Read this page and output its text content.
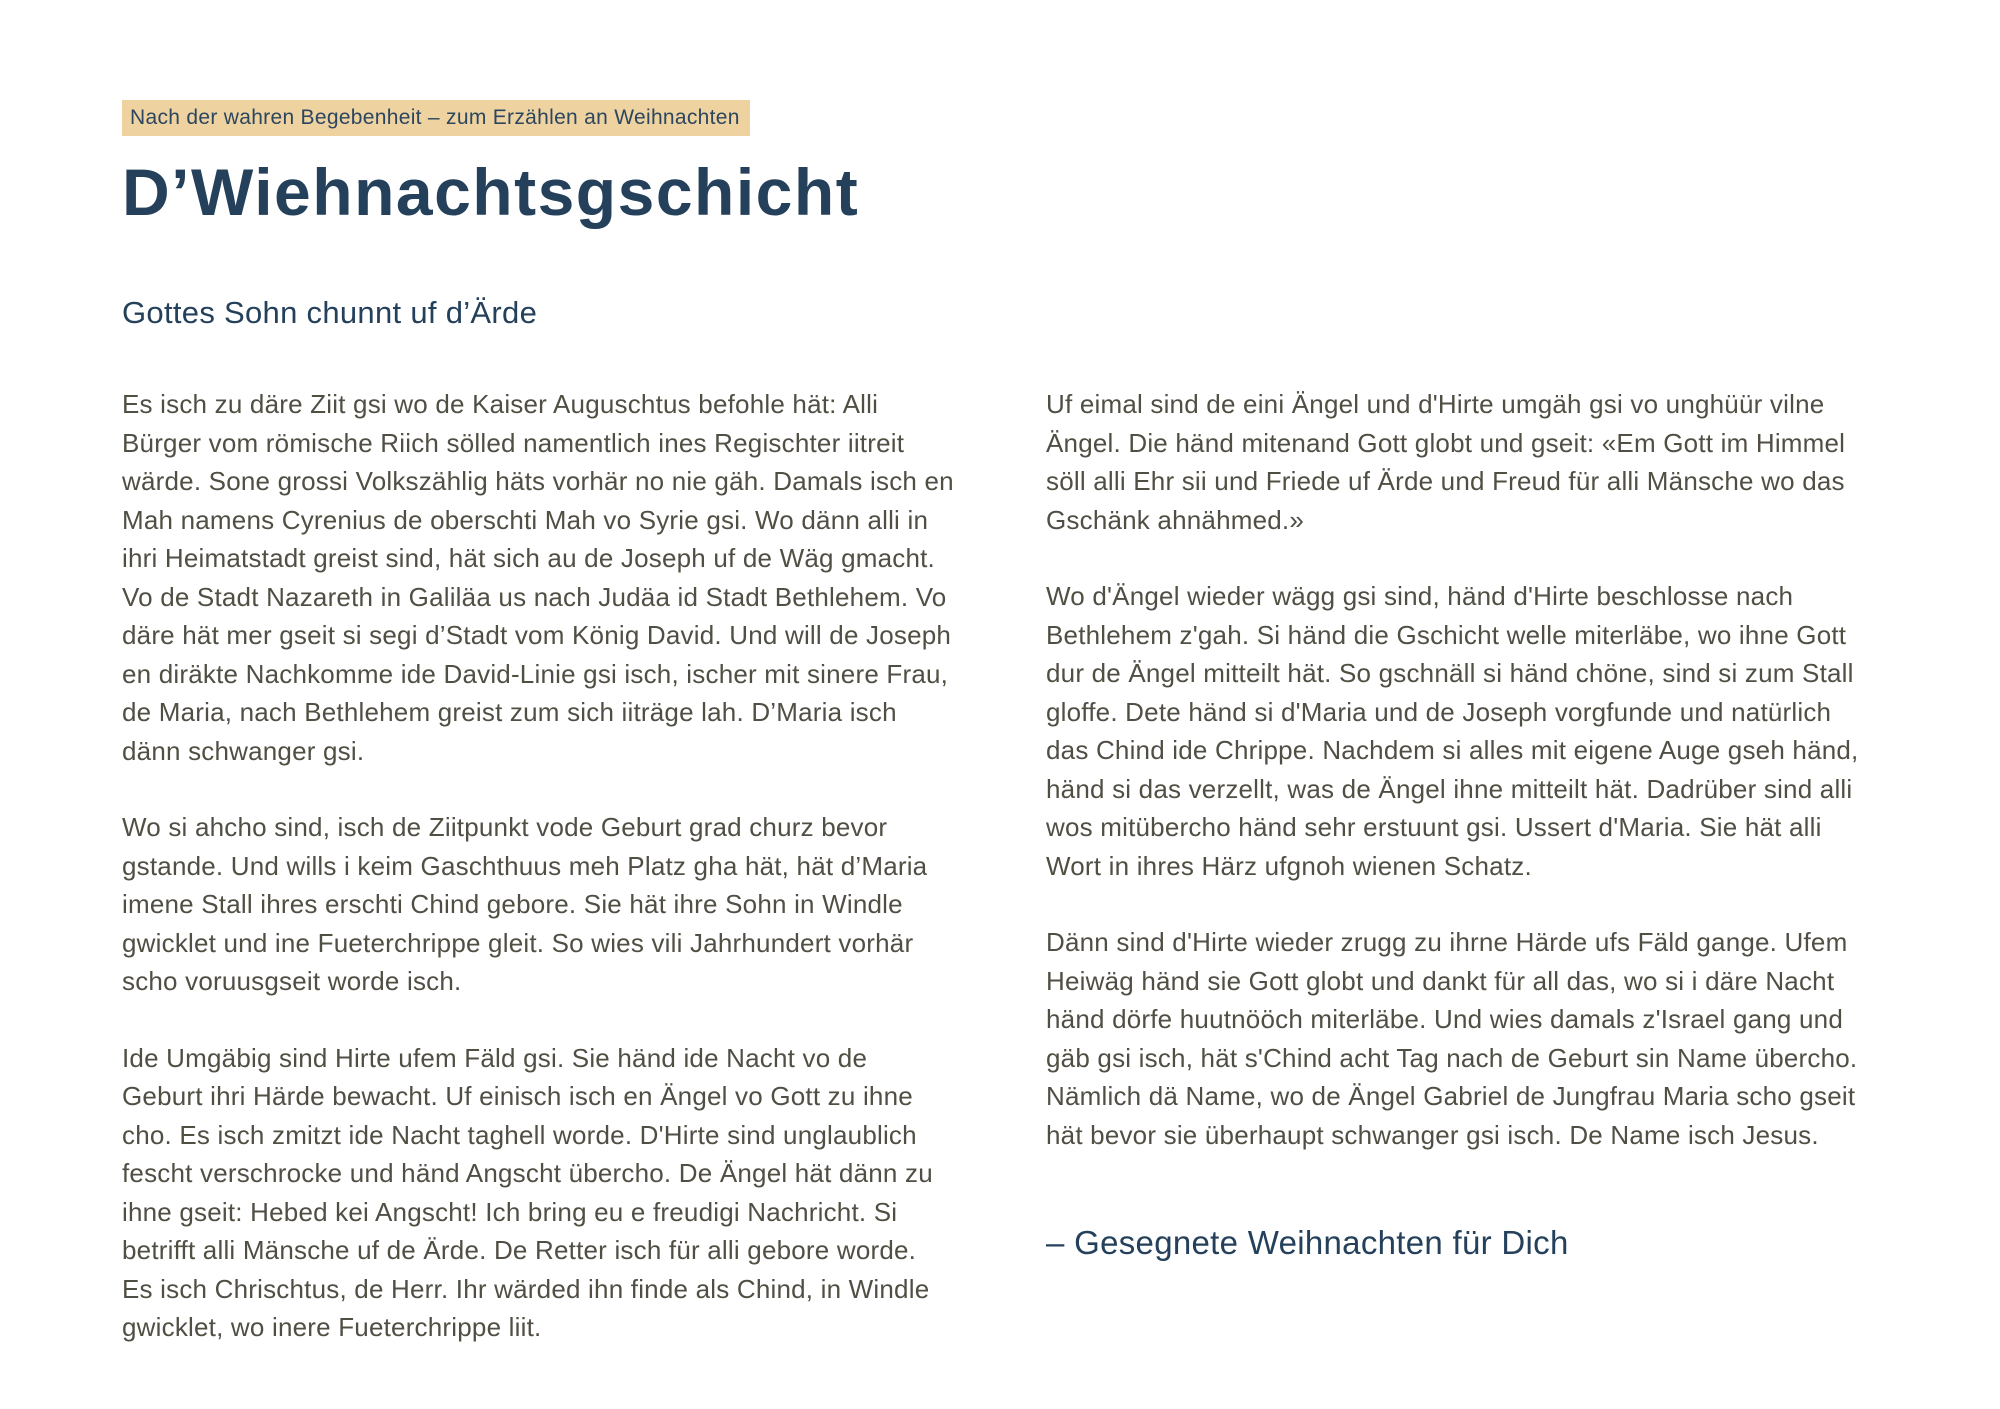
Nach der wahren Begebenheit – zum Erzählen an Weihnachten
D’Wiehnachtsgschicht
Gottes Sohn chunnt uf d’Ärde

Es isch zu däre Ziit gsi wo de Kaiser Auguschtus befohle hät: Alli Bürger vom römische Riich sölled namentlich ines Regischter iitreit wärde. Sone grossi Volkszählig häts vorhär no nie gäh. Damals isch en Mah namens Cyrenius de oberschti Mah vo Syrie gsi. Wo dänn alli in ihri Heimatstadt greist sind, hät sich au de Joseph uf de Wäg gmacht. Vo de Stadt Nazareth in Galiläa us nach Judäa id Stadt Bethlehem. Vo däre hät mer gseit si segi d’Stadt vom König David. Und will de Joseph en diräkte Nachkomme ide David-Linie gsi isch, ischer mit sinere Frau, de Maria, nach Bethlehem greist zum sich iiträge lah. D’Maria isch dänn schwanger gsi.

Wo si ahcho sind, isch de Ziitpunkt vode Geburt grad churz bevor gstande. Und wills i keim Gaschthuus meh Platz gha hät, hät d’Maria imene Stall ihres erschti Chind gebore. Sie hät ihre Sohn in Windle gwicklet und ine Fueterchrippe gleit. So wies vili Jahrhundert vorhär scho voruusgseit worde isch.

Ide Umgäbig sind Hirte ufem Fäld gsi. Sie händ ide Nacht vo de Geburt ihri Härde bewacht. Uf einisch isch en Ängel vo Gott zu ihne cho. Es isch zmitzt ide Nacht taghell worde. D'Hirte sind unglaublich fescht verschrocke und händ Angscht übercho. De Ängel hät dänn zu ihne gseit: Hebed kei Angscht! Ich bring eu e freudigi Nachricht. Si betrifft alli Mänsche uf de Ärde. De Retter isch für alli gebore worde. Es isch Chrischtus, de Herr. Ihr wärded ihn finde als Chind, in Windle gwicklet, wo inere Fueterchrippe liit.

Uf eimal sind de eini Ängel und d'Hirte umgäh gsi vo unghüür vilne Ängel. Die händ mitenand Gott globt und gseit: «Em Gott im Himmel söll alli Ehr sii und Friede uf Ärde und Freud für alli Mänsche wo das Gschänk ahnähmed.»

Wo d'Ängel wieder wägg gsi sind, händ d'Hirte beschlosse nach Bethlehem z'gah. Si händ die Gschicht welle miterläbe, wo ihne Gott dur de Ängel mitteilt hät. So gschnäll si händ chöne, sind si zum Stall gloffe. Dete händ si d'Maria und de Joseph vorgfunde und natürlich das Chind ide Chrippe. Nachdem si alles mit eigene Auge gseh händ, händ si das verzellt, was de Ängel ihne mitteilt hät. Dadrüber sind alli wos mitübercho händ sehr erstuunt gsi. Ussert d'Maria. Sie hät alli Wort in ihres Härz ufgnoh wienen Schatz.

Dänn sind d'Hirte wieder zrugg zu ihrne Härde ufs Fäld gange. Ufem Heiwäg händ sie Gott globt und dankt für all das, wo si i däre Nacht händ dörfe huutnööch miterläbe. Und wies damals z'Israel gang und gäb gsi isch, hät s'Chind acht Tag nach de Geburt sin Name übercho. Nämlich dä Name, wo de Ängel Gabriel de Jungfrau Maria scho gseit hät bevor sie überhaupt schwanger gsi isch. De Name isch Jesus.

– Gesegnete Weihnachten für Dich
